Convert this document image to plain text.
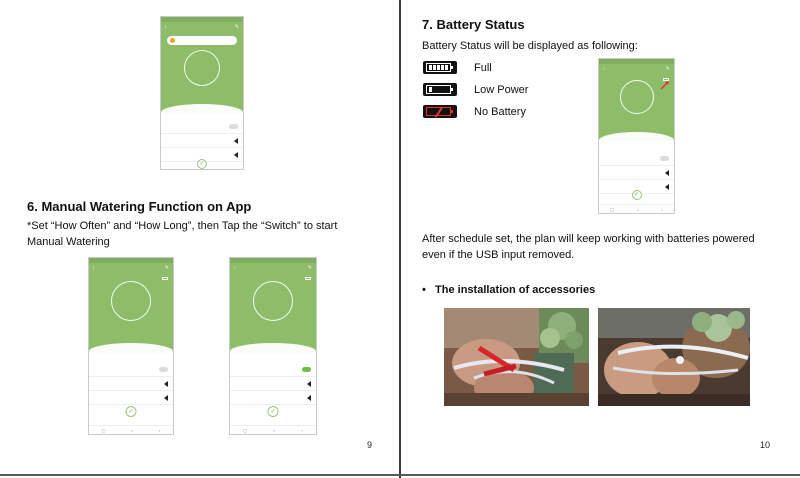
‹	✎

✓
6. Manual Watering Function on App
*Set “How Often” and “How Long”, then Tap the “Switch” to start
Manual Watering
‹	✎

✓
▢	○	‹
‹	✎

✓
▢	○	‹
9
7. Battery Status
Battery Status will be displayed as following:
Full
Low Power
No Battery
‹	✎

✓
▢	○	‹
After schedule set, the plan will keep working with batteries powered
even if the USB input removed.
• The installation of accessories
10
